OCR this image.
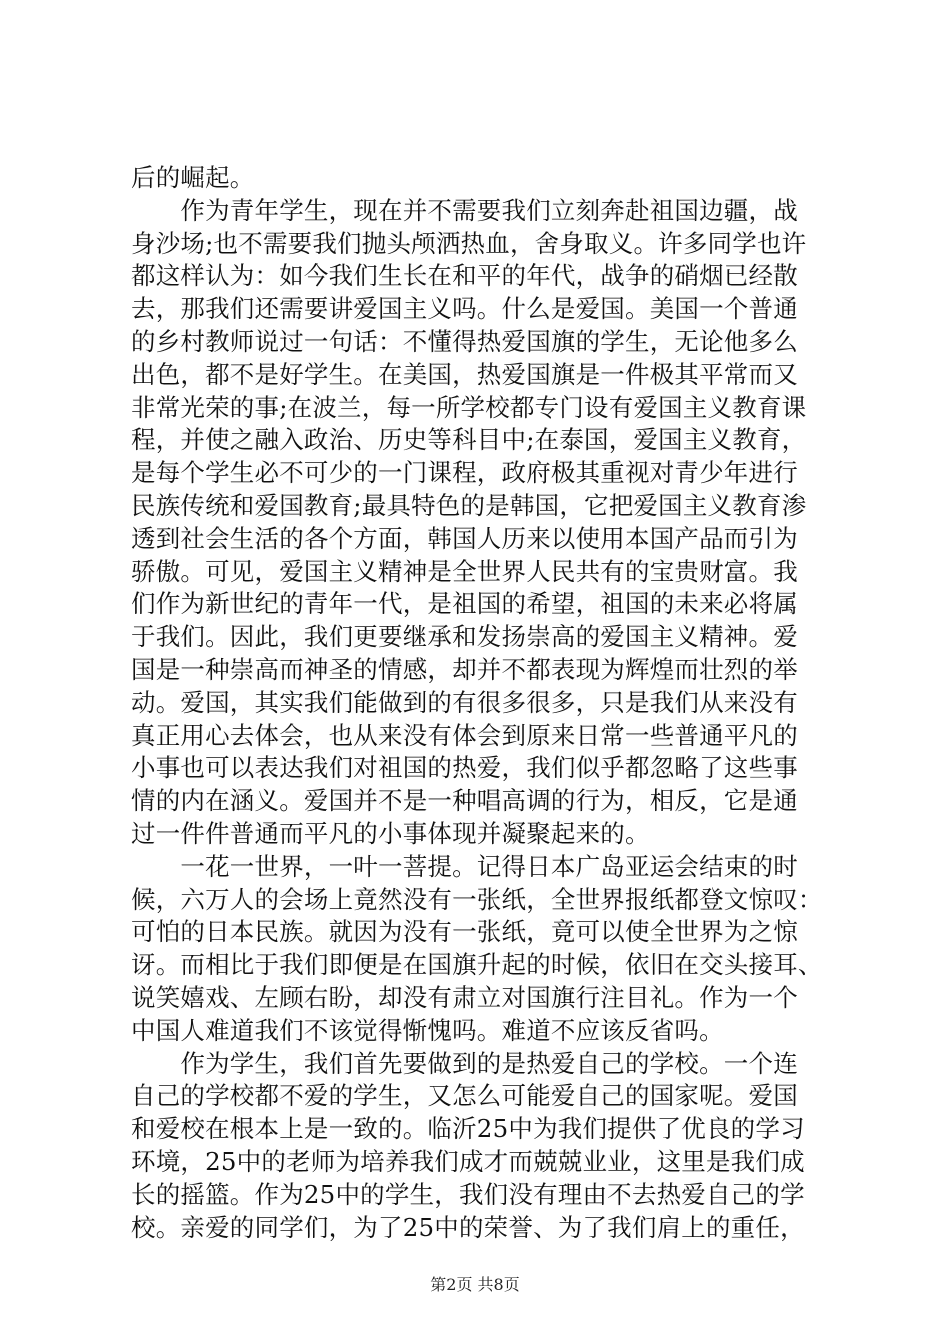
后的崛起。
　　作为青年学生，现在并不需要我们立刻奔赴祖国边疆，战
身沙场;也不需要我们抛头颅洒热血，舍身取义。许多同学也许
都这样认为：如今我们生长在和平的年代，战争的硝烟已经散
去，那我们还需要讲爱国主义吗。什么是爱国。美国一个普通
的乡村教师说过一句话：不懂得热爱国旗的学生，无论他多么
出色，都不是好学生。在美国，热爱国旗是一件极其平常而又
非常光荣的事;在波兰，每一所学校都专门设有爱国主义教育课
程，并使之融入政治、历史等科目中;在泰国，爱国主义教育，
是每个学生必不可少的一门课程，政府极其重视对青少年进行
民族传统和爱国教育;最具特色的是韩国，它把爱国主义教育渗
透到社会生活的各个方面，韩国人历来以使用本国产品而引为
骄傲。可见，爱国主义精神是全世界人民共有的宝贵财富。我
们作为新世纪的青年一代，是祖国的希望，祖国的未来必将属
于我们。因此，我们更要继承和发扬崇高的爱国主义精神。爱
国是一种崇高而神圣的情感，却并不都表现为辉煌而壮烈的举
动。爱国，其实我们能做到的有很多很多，只是我们从来没有
真正用心去体会，也从来没有体会到原来日常一些普通平凡的
小事也可以表达我们对祖国的热爱，我们似乎都忽略了这些事
情的内在涵义。爱国并不是一种唱高调的行为，相反，它是通
过一件件普通而平凡的小事体现并凝聚起来的。
　　一花一世界，一叶一菩提。记得日本广岛亚运会结束的时
候，六万人的会场上竟然没有一张纸，全世界报纸都登文惊叹：
可怕的日本民族。就因为没有一张纸，竟可以使全世界为之惊
讶。而相比于我们即便是在国旗升起的时候，依旧在交头接耳、
说笑嬉戏、左顾右盼，却没有肃立对国旗行注目礼。作为一个
中国人难道我们不该觉得惭愧吗。难道不应该反省吗。
　　作为学生，我们首先要做到的是热爱自己的学校。一个连
自己的学校都不爱的学生，又怎么可能爱自己的国家呢。爱国
和爱校在根本上是一致的。临沂25中为我们提供了优良的学习
环境，25中的老师为培养我们成才而兢兢业业，这里是我们成
长的摇篮。作为25中的学生，我们没有理由不去热爱自己的学
校。亲爱的同学们，为了25中的荣誉、为了我们肩上的重任，
第2页 共8页
